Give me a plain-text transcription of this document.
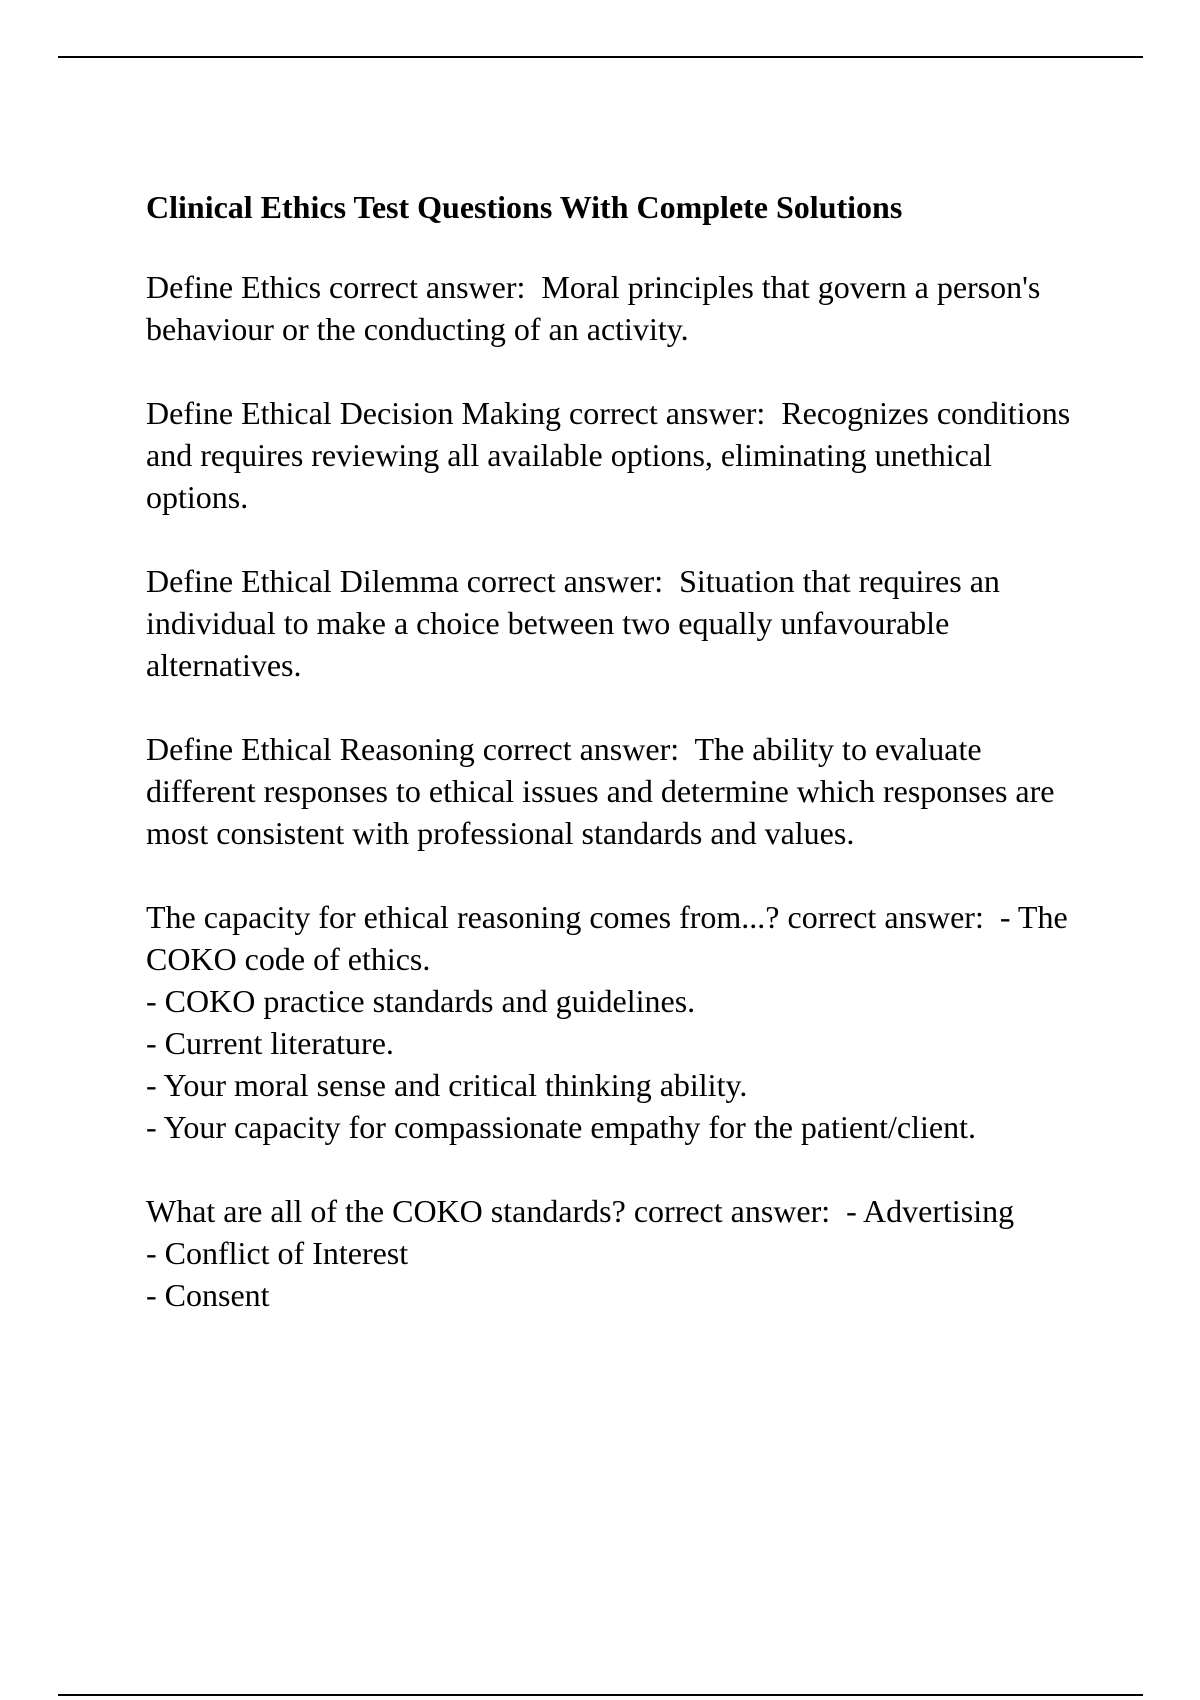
Clinical Ethics Test Questions With Complete Solutions
Define Ethics correct answer: Moral principles that govern a person's behaviour or the conducting of an activity.
Define Ethical Decision Making correct answer: Recognizes conditions and requires reviewing all available options, eliminating unethical options.
Define Ethical Dilemma correct answer: Situation that requires an individual to make a choice between two equally unfavourable alternatives.
Define Ethical Reasoning correct answer: The ability to evaluate different responses to ethical issues and determine which responses are most consistent with professional standards and values.
The capacity for ethical reasoning comes from...? correct answer: - The COKO code of ethics.

- COKO practice standards and guidelines.
- Current literature.
- Your moral sense and critical thinking ability.
- Your capacity for compassionate empathy for the patient/client.
What are all of the COKO standards? correct answer: - Advertising

- Conflict of Interest
- Consent
